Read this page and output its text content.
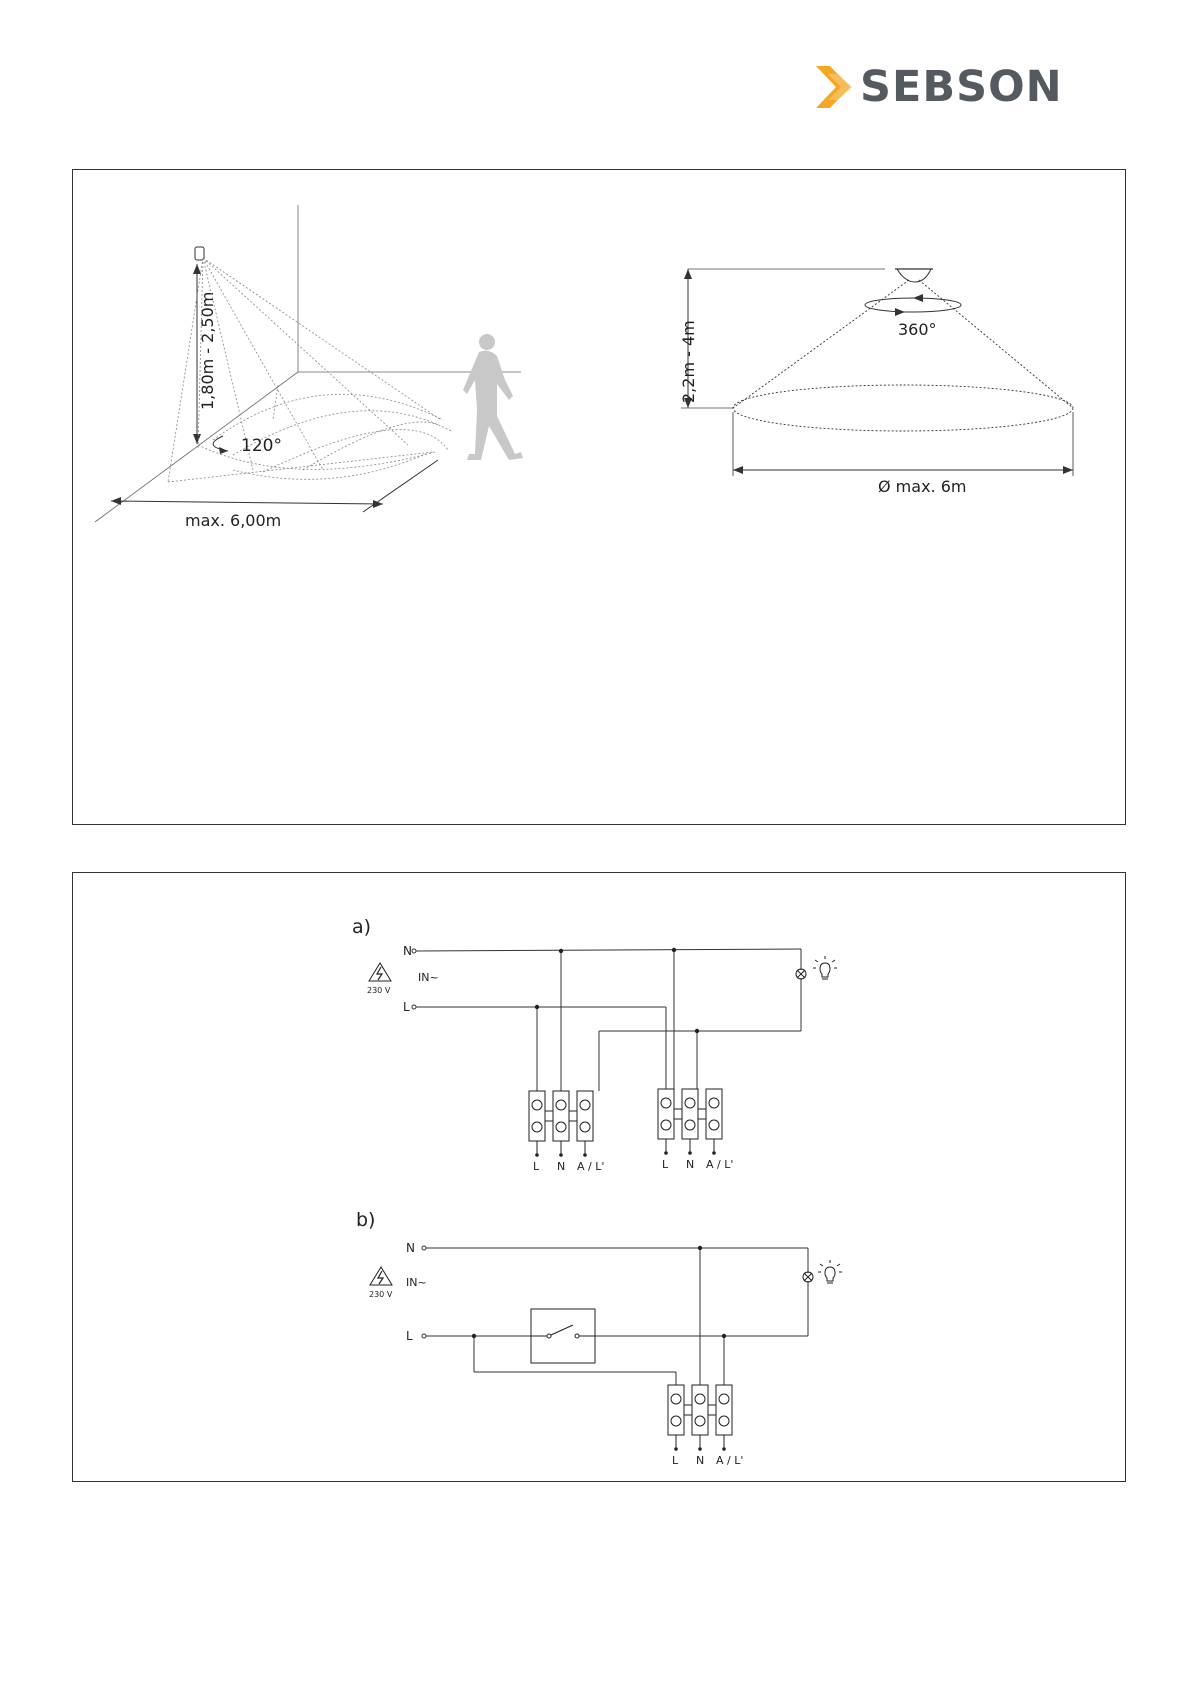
SEBSON
1,80m - 2,50m
120°
max. 6,00m
360°
2,2m - 4m
Ø max. 6m
a)
N
L
IN~
230 V
L N A / L'	L N A / L'
b)
N
L
IN~
230 V
L N A / L'
